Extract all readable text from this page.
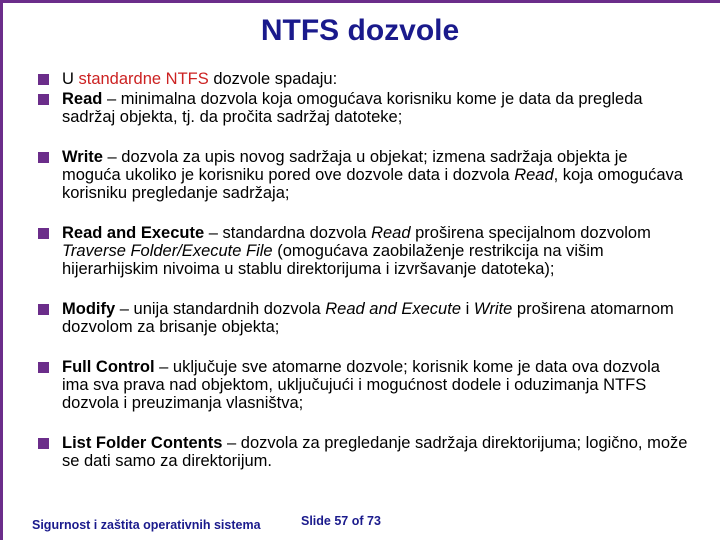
NTFS dozvole
U standardne NTFS dozvole spadaju:
Read – minimalna dozvola koja omogućava korisniku kome je data da pregleda sadržaj objekta, tj. da pročita sadržaj datoteke;
Write – dozvola za upis novog sadržaja u objekat; izmena sadržaja objekta je moguća ukoliko je korisniku pored ove dozvole data i dozvola Read, koja omogućava korisniku pregledanje sadržaja;
Read and Execute – standardna dozvola Read proširena specijalnom dozvolom Traverse Folder/Execute File (omogućava zaobilaženje restrikcija na višim hijerarhijskim nivoima u stablu direktorijuma i izvršavanje datoteka);
Modify – unija standardnih dozvola Read and Execute i Write proširena atomarnom dozvolom za brisanje objekta;
Full Control – uključuje sve atomarne dozvole; korisnik kome je data ova dozvola ima sva prava nad objektom, uključujući i mogućnost dodele i oduzimanja NTFS dozvola i preuzimanja vlasništva;
List Folder Contents – dozvola za pregledanje sadržaja direktorijuma; logično, može se dati samo za direktorijum.
Sigurnost i zaštita operativnih sistema	Slide 57 of 73
